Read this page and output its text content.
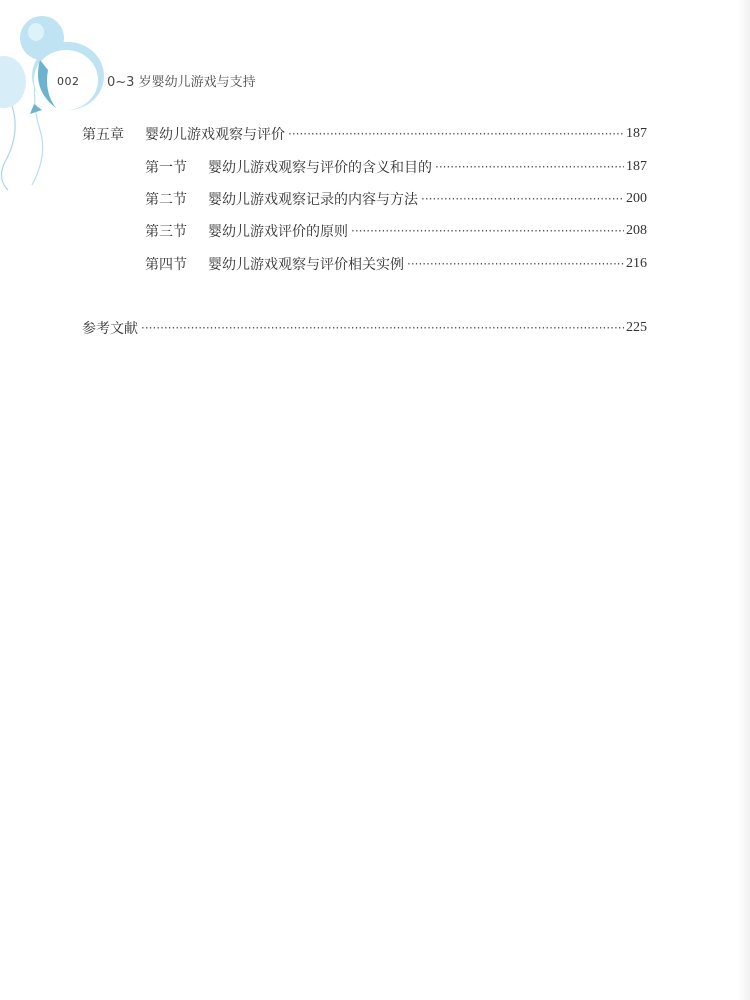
002 0~3 岁婴幼儿游戏与支持
第五章	婴幼儿游戏观察与评价 ·····	187
第一节	婴幼儿游戏观察与评价的含义和目的 ·····	187
第二节	婴幼儿游戏观察记录的内容与方法 ·····	200
第三节	婴幼儿游戏评价的原则 ·····	208
第四节	婴幼儿游戏观察与评价相关实例 ·····	216
参考文献 ·····	225
